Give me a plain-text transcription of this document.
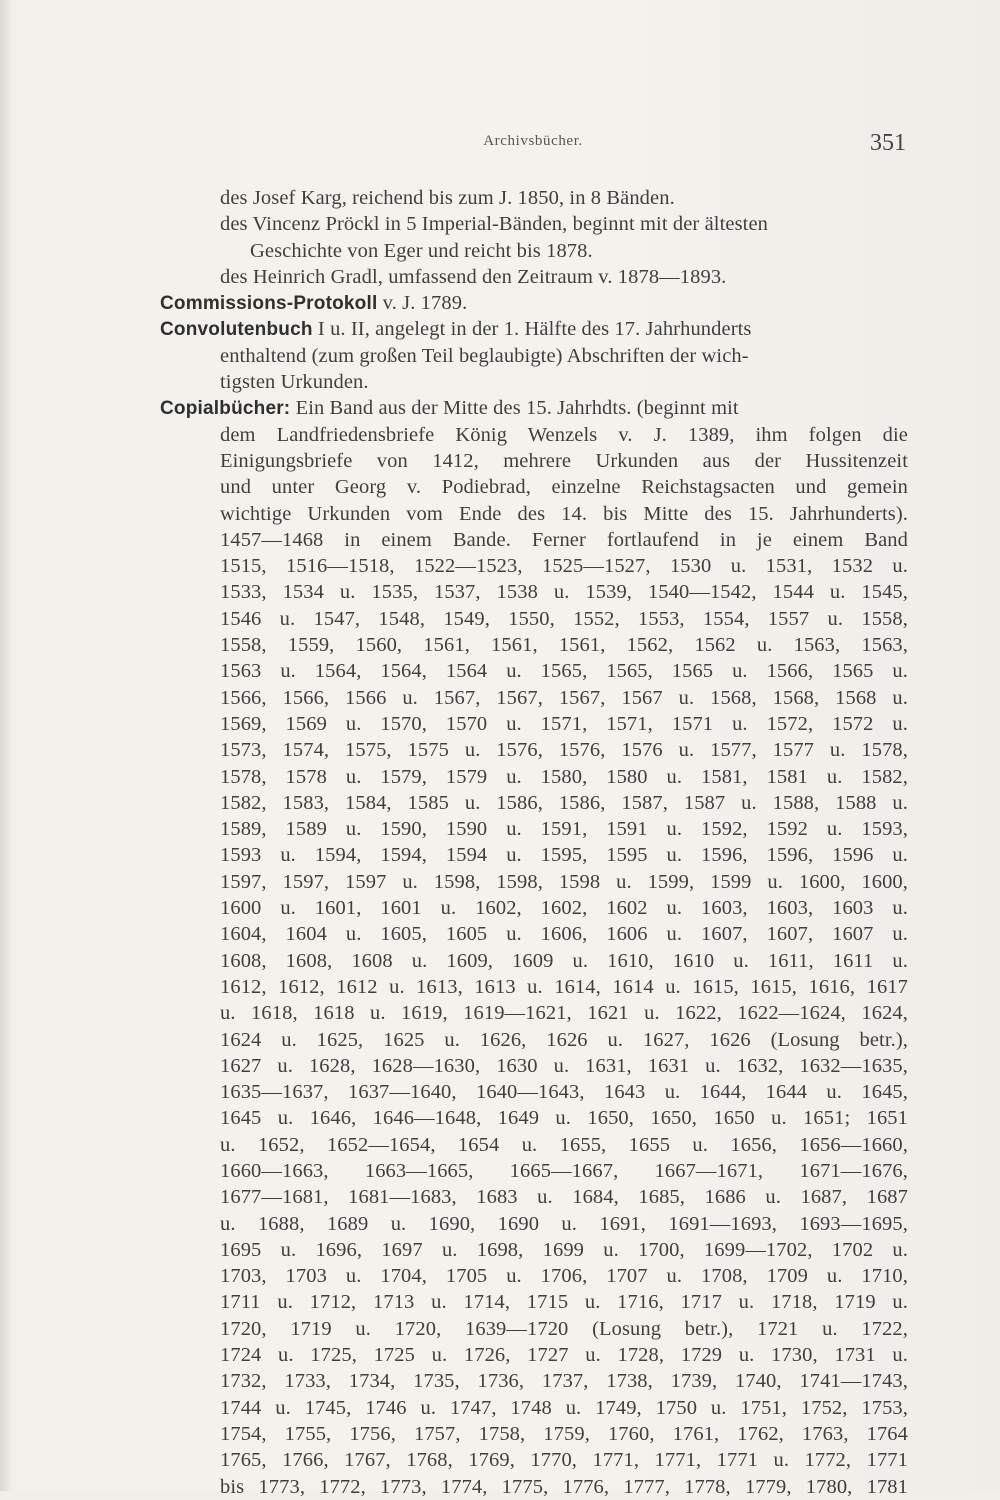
Archivsbücher.	351
des Josef Karg, reichend bis zum J. 1850, in 8 Bänden.
des Vincenz Pröckl in 5 Imperial-Bänden, beginnt mit der ältesten
Geschichte von Eger und reicht bis 1878.
des Heinrich Gradl, umfassend den Zeitraum v. 1878—1893.
Commissions-Protokoll v. J. 1789.
Convolutenbuch I u. II, angelegt in der 1. Hälfte des 17. Jahrhunderts
enthaltend (zum großen Teil beglaubigte) Abschriften der wich-
tigsten Urkunden.
Copialbücher: Ein Band aus der Mitte des 15. Jahrhdts. (beginnt mit
dem Landfriedensbriefe König Wenzels v. J. 1389, ihm folgen die
Einigungsbriefe von 1412, mehrere Urkunden aus der Hussitenzeit
und unter Georg v. Podiebrad, einzelne Reichstagsacten und gemein
wichtige Urkunden vom Ende des 14. bis Mitte des 15. Jahrhunderts).
1457—1468 in einem Bande. Ferner fortlaufend in je einem Band
1515, 1516—1518, 1522—1523, 1525—1527, 1530 u. 1531, 1532 u.
1533, 1534 u. 1535, 1537, 1538 u. 1539, 1540—1542, 1544 u. 1545,
1546 u. 1547, 1548, 1549, 1550, 1552, 1553, 1554, 1557 u. 1558,
1558, 1559, 1560, 1561, 1561, 1561, 1562, 1562 u. 1563, 1563,
1563 u. 1564, 1564, 1564 u. 1565, 1565, 1565 u. 1566, 1565 u.
1566, 1566, 1566 u. 1567, 1567, 1567, 1567 u. 1568, 1568, 1568 u.
1569, 1569 u. 1570, 1570 u. 1571, 1571, 1571 u. 1572, 1572 u.
1573, 1574, 1575, 1575 u. 1576, 1576, 1576 u. 1577, 1577 u. 1578,
1578, 1578 u. 1579, 1579 u. 1580, 1580 u. 1581, 1581 u. 1582,
1582, 1583, 1584, 1585 u. 1586, 1586, 1587, 1587 u. 1588, 1588 u.
1589, 1589 u. 1590, 1590 u. 1591, 1591 u. 1592, 1592 u. 1593,
1593 u. 1594, 1594, 1594 u. 1595, 1595 u. 1596, 1596, 1596 u.
1597, 1597, 1597 u. 1598, 1598, 1598 u. 1599, 1599 u. 1600, 1600,
1600 u. 1601, 1601 u. 1602, 1602, 1602 u. 1603, 1603, 1603 u.
1604, 1604 u. 1605, 1605 u. 1606, 1606 u. 1607, 1607, 1607 u.
1608, 1608, 1608 u. 1609, 1609 u. 1610, 1610 u. 1611, 1611 u.
1612, 1612, 1612 u. 1613, 1613 u. 1614, 1614 u. 1615, 1615, 1616, 1617
u. 1618, 1618 u. 1619, 1619—1621, 1621 u. 1622, 1622—1624, 1624,
1624 u. 1625, 1625 u. 1626, 1626 u. 1627, 1626 (Losung betr.),
1627 u. 1628, 1628—1630, 1630 u. 1631, 1631 u. 1632, 1632—1635,
1635—1637, 1637—1640, 1640—1643, 1643 u. 1644, 1644 u. 1645,
1645 u. 1646, 1646—1648, 1649 u. 1650, 1650, 1650 u. 1651; 1651
u. 1652, 1652—1654, 1654 u. 1655, 1655 u. 1656, 1656—1660,
1660—1663, 1663—1665, 1665—1667, 1667—1671, 1671—1676,
1677—1681, 1681—1683, 1683 u. 1684, 1685, 1686 u. 1687, 1687
u. 1688, 1689 u. 1690, 1690 u. 1691, 1691—1693, 1693—1695,
1695 u. 1696, 1697 u. 1698, 1699 u. 1700, 1699—1702, 1702 u.
1703, 1703 u. 1704, 1705 u. 1706, 1707 u. 1708, 1709 u. 1710,
1711 u. 1712, 1713 u. 1714, 1715 u. 1716, 1717 u. 1718, 1719 u.
1720, 1719 u. 1720, 1639—1720 (Losung betr.), 1721 u. 1722,
1724 u. 1725, 1725 u. 1726, 1727 u. 1728, 1729 u. 1730, 1731 u.
1732, 1733, 1734, 1735, 1736, 1737, 1738, 1739, 1740, 1741—1743,
1744 u. 1745, 1746 u. 1747, 1748 u. 1749, 1750 u. 1751, 1752, 1753,
1754, 1755, 1756, 1757, 1758, 1759, 1760, 1761, 1762, 1763, 1764
1765, 1766, 1767, 1768, 1769, 1770, 1771, 1771, 1771 u. 1772, 1771
bis 1773, 1772, 1773, 1774, 1775, 1776, 1777, 1778, 1779, 1780, 1781
